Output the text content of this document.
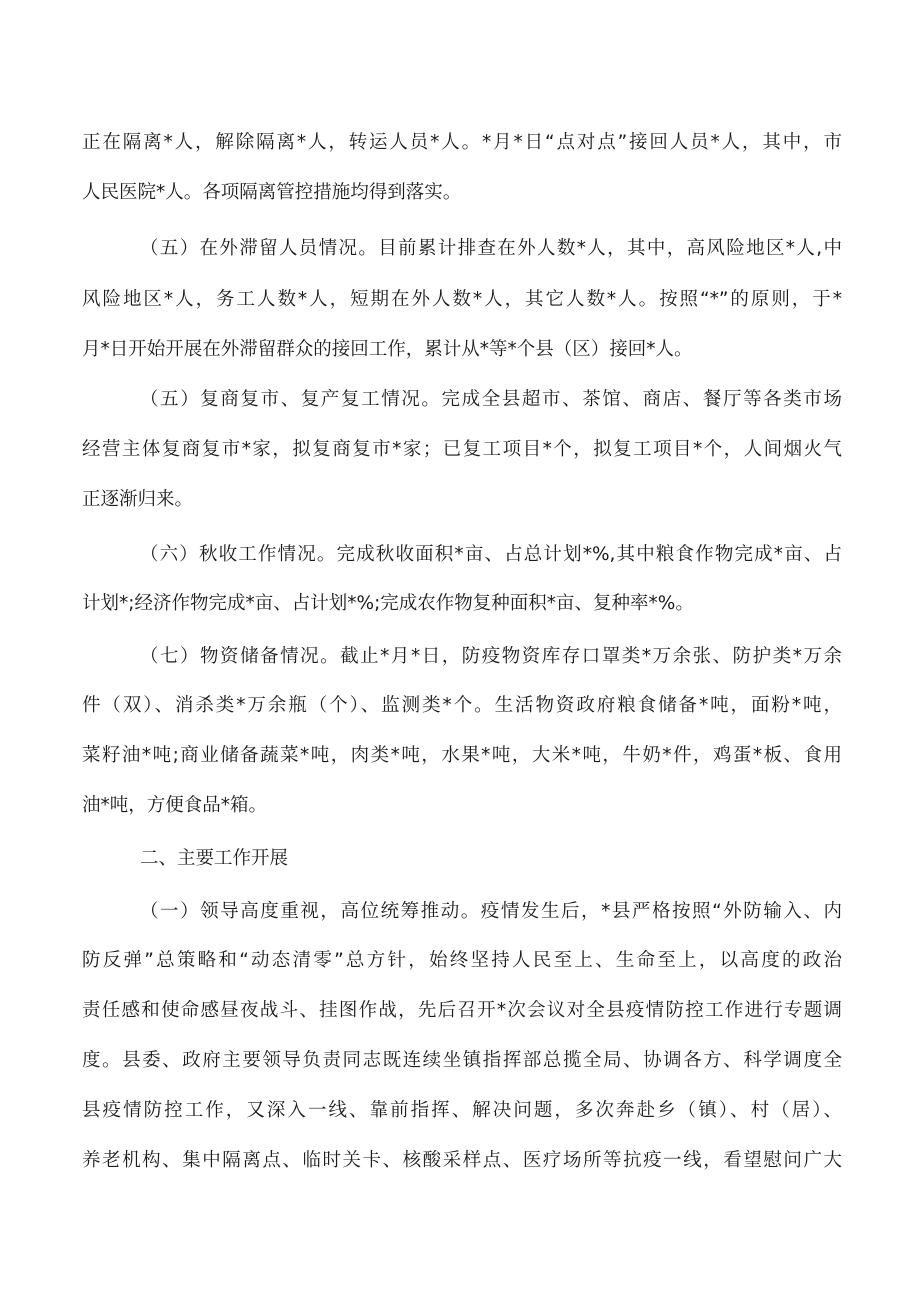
正在隔离*人，解除隔离*人，转运人员*人。*月*日“点对点”接回人员*人，其中，市

人民医院*人。各项隔离管控措施均得到落实。

（五）在外滞留人员情况。目前累计排查在外人数*人，其中，高风险地区*人,中

风险地区*人，务工人数*人，短期在外人数*人，其它人数*人。按照“*”的原则，于*

月*日开始开展在外滞留群众的接回工作，累计从*等*个县（区）接回*人。

（五）复商复市、复产复工情况。完成全县超市、茶馆、商店、餐厅等各类市场

经营主体复商复市*家，拟复商复市*家；已复工项目*个，拟复工项目*个，人间烟火气

正逐渐归来。

（六）秋收工作情况。完成秋收面积*亩、占总计划*%,其中粮食作物完成*亩、占

计划*;经济作物完成*亩、占计划*%;完成农作物复种面积*亩、复种率*%。

（七）物资储备情况。截止*月*日，防疫物资库存口罩类*万余张、防护类*万余

件（双）、消杀类*万余瓶（个）、监测类*个。生活物资政府粮食储备*吨，面粉*吨，

菜籽油*吨;商业储备蔬菜*吨，肉类*吨，水果*吨，大米*吨，牛奶*件，鸡蛋*板、食用

油*吨，方便食品*箱。

二、主要工作开展

（一）领导高度重视，高位统筹推动。疫情发生后，*县严格按照“外防输入、内

防反弹”总策略和“动态清零”总方针，始终坚持人民至上、生命至上，以高度的政治

责任感和使命感昼夜战斗、挂图作战，先后召开*次会议对全县疫情防控工作进行专题调

度。县委、政府主要领导负责同志既连续坐镇指挥部总揽全局、协调各方、科学调度全

县疫情防控工作，又深入一线、靠前指挥、解决问题，多次奔赴乡（镇）、村（居）、

养老机构、集中隔离点、临时关卡、核酸采样点、医疗场所等抗疫一线，看望慰问广大
